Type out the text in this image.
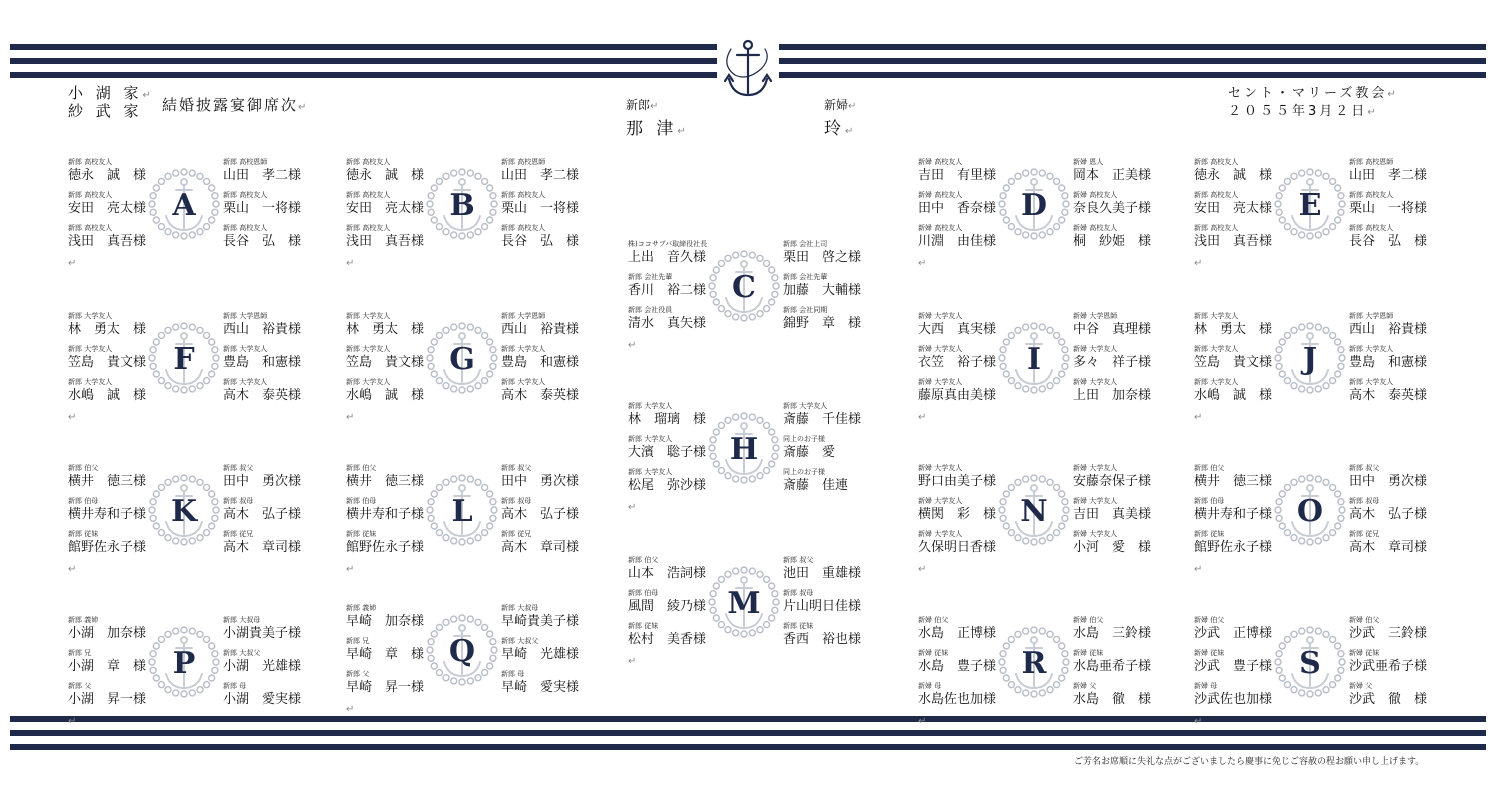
小 湖 家↵
紗 武 家 結婚披露宴御席次↵	新郎↵
那 津↵
新婦↵
玲↵
セント・マリーズ教会↵
２０５５年3月２日↵
新郎 高校友人
徳永　誠　様
新郎 高校友人
安田　亮太様
新郎 高校友人
浅田　真吾様
新郎 高校恩師
山田　孝二様
新郎 高校友人
栗山　一将様
新郎 高校友人
長谷　弘　様
A
↵
新郎 高校友人
徳永　誠　様
新郎 高校友人
安田　亮太様
新郎 高校友人
浅田　真吾様
新郎 高校恩師
山田　孝二様
新郎 高校友人
栗山　一将様
新郎 高校友人
長谷　弘　様
B
↵
株)ココサブバ取締役社長
上出　音久様
新郎 会社先輩
香川　裕二様
新郎 会社役員
清水　真矢様
新郎 会社上司
栗田　啓之様
新郎 会社先輩
加藤　大輔様
新郎 会社同期
錦野　章　様
C
↵
新婦 高校友人
吉田　有里様
新婦 高校友人
田中　香奈様
新婦 高校友人
川淵　由佳様
新婦 恩人
岡本　正美様
新婦 高校友人
奈良久美子様
新婦 高校友人
桐　紗姫　様
D
↵
新郎 高校友人
徳永　誠　様
新郎 高校友人
安田　亮太様
新郎 高校友人
浅田　真吾様
新郎 高校恩師
山田　孝二様
新郎 高校友人
栗山　一将様
新郎 高校友人
長谷　弘　様
E
↵
新郎 大学友人
林　勇太　様
新郎 大学友人
笠島　貴文様
新郎 大学友人
水嶋　誠　様
新郎 大学恩師
西山　裕貴様
新郎 大学友人
豊島　和憲様
新郎 大学友人
高木　泰英様
F
↵
新郎 大学友人
林　勇太　様
新郎 大学友人
笠島　貴文様
新郎 大学友人
水嶋　誠　様
新郎 大学恩師
西山　裕貴様
新郎 大学友人
豊島　和憲様
新郎 大学友人
高木　泰英様
G
↵
新郎 大学友人
林　瑠璃　様
新郎 大学友人
大濱　聡子様
新郎 大学友人
松尾　弥沙様
新郎 大学友人
斎藤　千佳様
同上のお子様
斎藤　愛
同上のお子様
斎藤　佳連
H
↵
新婦 大学友人
大西　真実様
新婦 大学友人
衣笠　裕子様
新婦 大学友人
藤原真由美様
新婦 大学恩師
中谷　真理様
新婦 大学友人
多々　祥子様
新婦 大学友人
上田　加奈様
I
↵
新郎 大学友人
林　勇太　様
新郎 大学友人
笠島　貴文様
新郎 大学友人
水嶋　誠　様
新郎 大学恩師
西山　裕貴様
新郎 大学友人
豊島　和憲様
新郎 大学友人
高木　泰英様
J
↵
新郎 伯父
横井　徳三様
新郎 伯母
横井寿和子様
新郎 従妹
館野佐永子様
新郎 叔父
田中　勇次様
新郎 叔母
高木　弘子様
新郎 従兄
高木　章司様
K
↵
新郎 伯父
横井　徳三様
新郎 伯母
横井寿和子様
新郎 従妹
館野佐永子様
新郎 叔父
田中　勇次様
新郎 叔母
高木　弘子様
新郎 従兄
高木　章司様
L
↵
新郎 伯父
山本　浩詞様
新郎 伯母
風間　綾乃様
新郎 従妹
松村　美香様
新郎 叔父
池田　重雄様
新郎 叔母
片山明日佳様
新郎 従妹
香西　裕也様
M
↵
新婦 大学友人
野口由美子様
新婦 大学友人
横関　彩　様
新婦 大学友人
久保明日香様
新婦 大学友人
安藤奈保子様
新婦 大学友人
吉田　真美様
新婦 大学友人
小河　愛　様
N
↵
新郎 伯父
横井　徳三様
新郎 伯母
横井寿和子様
新郎 従妹
館野佐永子様
新郎 叔父
田中　勇次様
新郎 叔母
高木　弘子様
新郎 従兄
高木　章司様
O
↵
新郎 義姉
小湖　加奈様
新郎 兄
小湖　章　様
新郎 父
小湖　昇一様
新郎 大叔母
小湖貴美子様
新郎 大叔父
小湖　光雄様
新郎 母
小湖　愛実様
P
↵
新郎 義姉
早崎　加奈様
新郎 兄
早崎　章　様
新郎 父
早崎　昇一様
新郎 大叔母
早崎貴美子様
新郎 大叔父
早崎　光雄様
新郎 母
早崎　愛実様
Q
↵
新婦 伯父
水島　正博様
新婦 従妹
水島　豊子様
新婦 母
水島佐也加様
新婦 伯父
水島　三鈴様
新婦 従妹
水島亜希子様
新婦 父
水島　徹　様
R
↵
新婦 伯父
沙武　正博様
新婦 従妹
沙武　豊子様
新婦 母
沙武佐也加様
新婦 伯父
沙武　三鈴様
新婦 従妹
沙武亜希子様
新婦 父
沙武　徹　様
S
↵
ご芳名お席順に失礼な点がございましたら慶事に免じご容赦の程お願い申し上げます。
